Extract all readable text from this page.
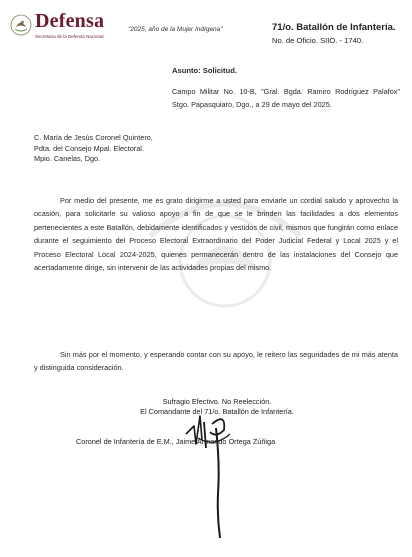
Defensa
Secretaría de la Defensa Nacional
"2025, año de la Mujer Indígena"	71/o. Batallón de Infantería.
No. de Oficio. SIIO. - 1740.
Asunto: Solicitud.
Campo Militar No. 10-B, "Gral. Bgda. Ramiro Rodríguez Palafox" Stgo. Papasquiaro, Dgo., a 29 de mayo del 2025.
C. María de Jesús Coronel Quintero,
Pdta. del Consejo Mpal. Electoral.
Mpio. Canelas, Dgo.
Por medio del presente, me es grato dirigirme a usted para enviarle un cordial saludo y aprovecho la ocasión, para solicitarle su valioso apoyo a fin de que se le brinden las facilidades a dos elementos pertenecientes a este Batallón, debidamente identificados y vestidos de civil, mismos que fungirán como enlace durante el seguimiento del Proceso Electoral Extraordinario del Poder Judicial Federal y Local 2025 y el Proceso Electoral Local 2024-2025, quienes permanecerán dentro de las instalaciones del Consejo que acertadamente dirige, sin intervenir de las actividades propias del mismo.
Sin más por el momento, y esperando contar con su apoyo, le reitero las seguridades de mi más atenta y distinguida consideración.
Sufragio Efectivo. No Reelección.
El Comandante del 71/o. Batallón de Infantería.
Coronel de Infantería de E.M., Jaime Armando Ortega Zúñiga
